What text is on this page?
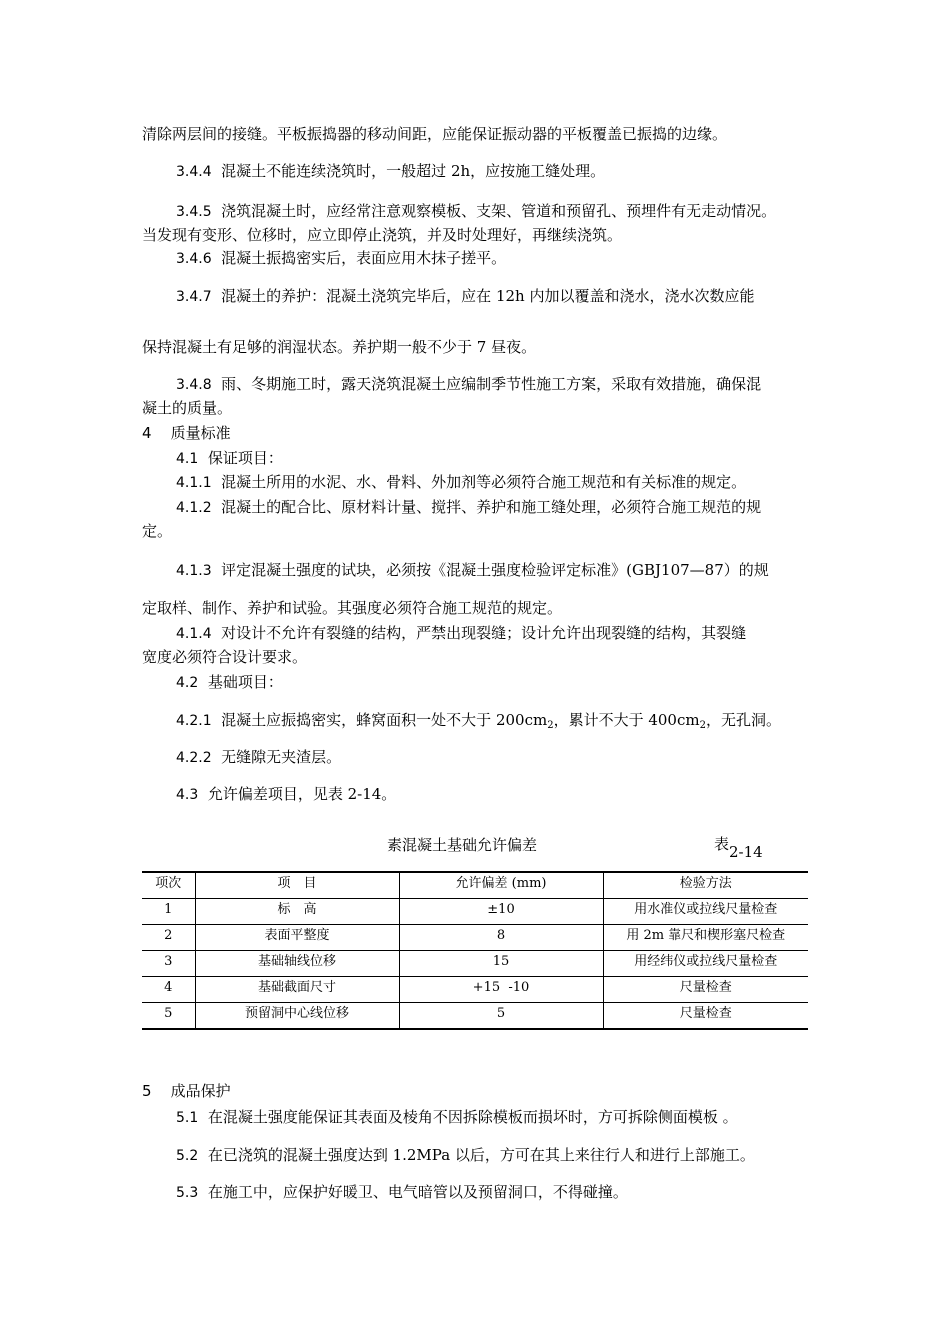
清除两层间的接缝。平板振捣器的移动间距，应能保证振动器的平板覆盖已振捣的边缘。
3.4.4 混凝土不能连续浇筑时，一般超过 2h，应按施工缝处理。
3.4.5 浇筑混凝土时，应经常注意观察模板、支架、管道和预留孔、预埋件有无走动情况。
当发现有变形、位移时，应立即停止浇筑，并及时处理好，再继续浇筑。
3.4.6 混凝土振捣密实后，表面应用木抹子搓平。
3.4.7 混凝土的养护：混凝土浇筑完毕后，应在 12h 内加以覆盖和浇水，浇水次数应能
保持混凝土有足够的润湿状态。养护期一般不少于 7 昼夜。
3.4.8 雨、冬期施工时，露天浇筑混凝土应编制季节性施工方案，采取有效措施，确保混
凝土的质量。
4 质量标准
4.1 保证项目：
4.1.1 混凝土所用的水泥、水、骨料、外加剂等必须符合施工规范和有关标准的规定。
4.1.2 混凝土的配合比、原材料计量、搅拌、养护和施工缝处理，必须符合施工规范的规
定。
4.1.3 评定混凝土强度的试块，必须按《混凝土强度检验评定标准》(GBJ107—87）的规
定取样、制作、养护和试验。其强度必须符合施工规范的规定。
4.1.4 对设计不允许有裂缝的结构，严禁出现裂缝；设计允许出现裂缝的结构，其裂缝
宽度必须符合设计要求。
4.2 基础项目：
4.2.1 混凝土应振捣密实，蜂窝面积一处不大于 $200cm_2$，累计不大于 $400cm_2$，无孔洞。
4.2.2 无缝隙无夹渣层。
4.3 允许偏差项目，见表 2-14。
素混凝土基础允许偏差	表2-14
项次	项　目	允许偏差 (mm)	检验方法
1	标　高	±10	用水准仪或拉线尺量检查
2	表面平整度	8	用 2m 靠尺和楔形塞尺检查
3	基础轴线位移	15	用经纬仪或拉线尺量检查
4	基础截面尺寸	+15  -10	尺量检查
5	预留洞中心线位移	5	尺量检查
5 成品保护
5.1 在混凝土强度能保证其表面及棱角不因拆除模板而损坏时，方可拆除侧面模板 。
5.2 在已浇筑的混凝土强度达到 1.2MPa 以后，方可在其上来往行人和进行上部施工。
5.3 在施工中，应保护好暖卫、电气暗管以及预留洞口，不得碰撞。
